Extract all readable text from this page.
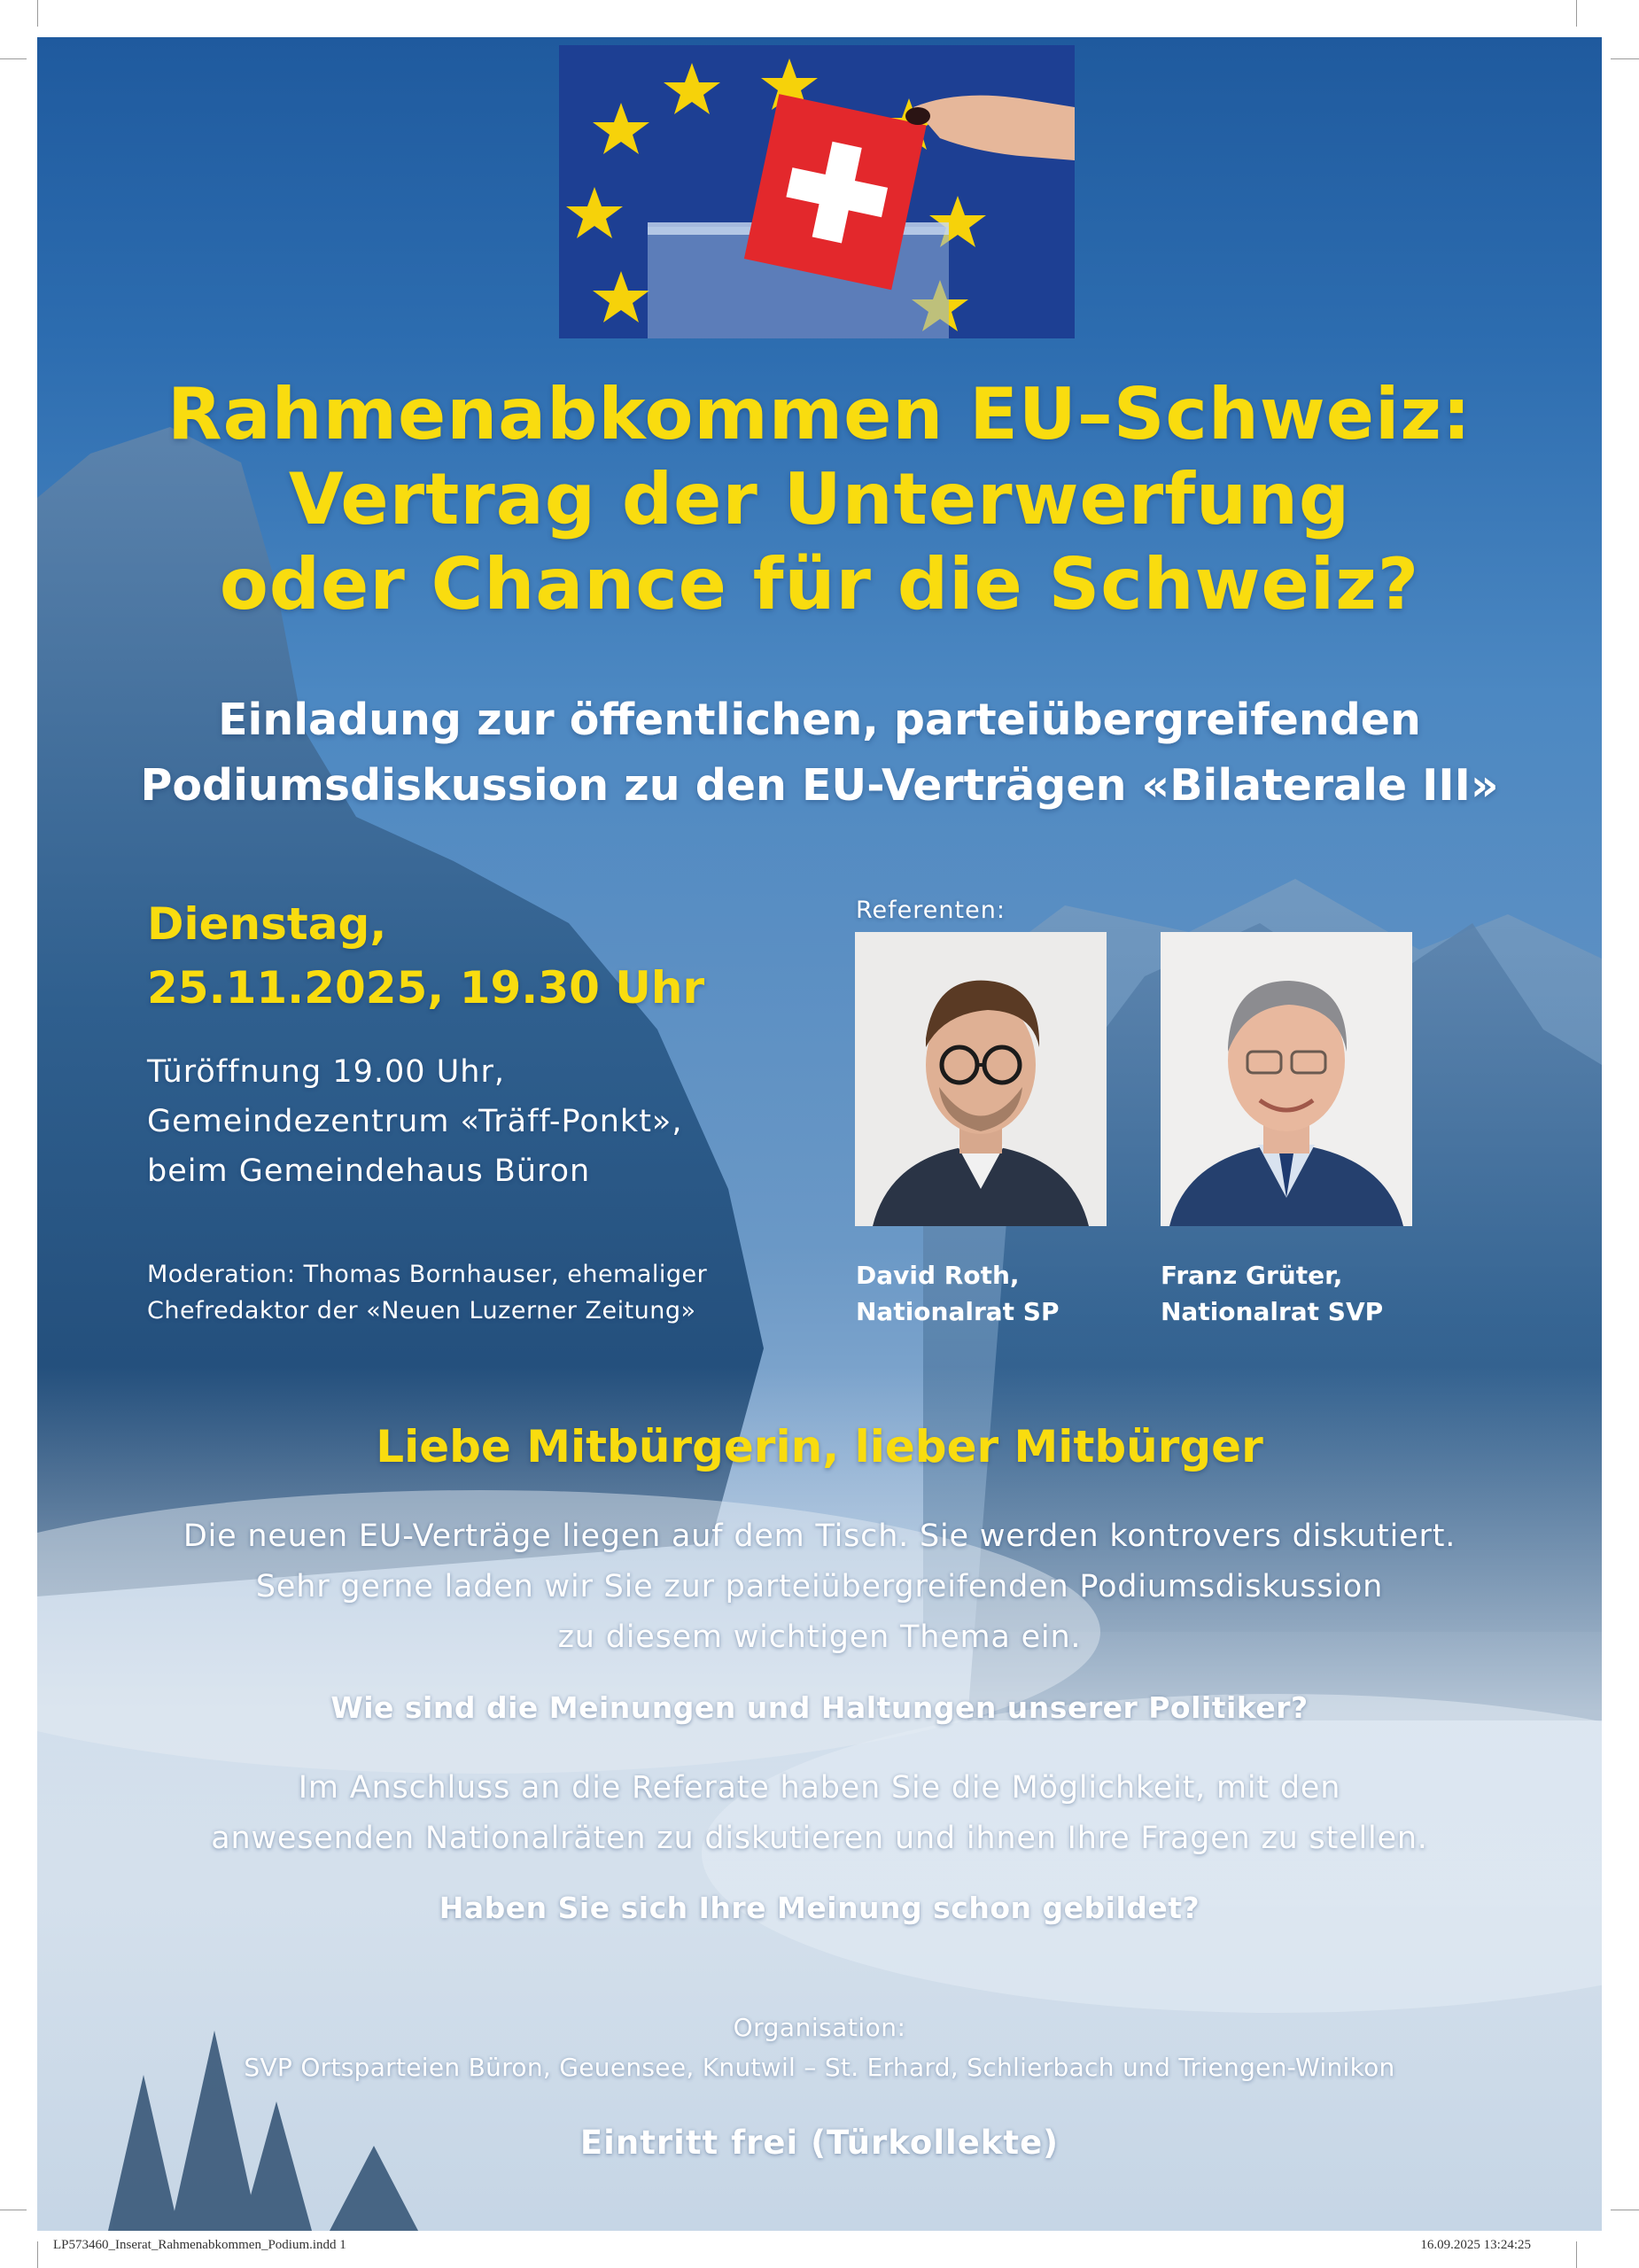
Rahmenabkommen EU–Schweiz:
Vertrag der Unterwerfung
oder Chance für die Schweiz?
Einladung zur öffentlichen, parteiübergreifenden
Podiumsdiskussion zu den EU-Verträgen «Bilaterale III»
Dienstag,
25.11.2025, 19.30 Uhr
Türöffnung 19.00 Uhr,
Gemeindezentrum «Träff-Ponkt»,
beim Gemeindehaus Büron
Moderation: Thomas Bornhauser, ehemaliger
Chefredaktor der «Neuen Luzerner Zeitung»
Referenten:
David Roth,
Nationalrat SP
Franz Grüter,
Nationalrat SVP
Liebe Mitbürgerin, lieber Mitbürger
Die neuen EU-Verträge liegen auf dem Tisch. Sie werden kontrovers diskutiert.
Sehr gerne laden wir Sie zur parteiübergreifenden Podiumsdiskussion
zu diesem wichtigen Thema ein.
Wie sind die Meinungen und Haltungen unserer Politiker?
Im Anschluss an die Referate haben Sie die Möglichkeit, mit den
anwesenden Nationalräten zu diskutieren und ihnen Ihre Fragen zu stellen.
Haben Sie sich Ihre Meinung schon gebildet?
Organisation:
SVP Ortsparteien Büron, Geuensee, Knutwil – St. Erhard, Schlierbach und Triengen-Winikon
Eintritt frei (Türkollekte)
LP573460_Inserat_Rahmenabkommen_Podium.indd 1	16.09.2025 13:24:25
